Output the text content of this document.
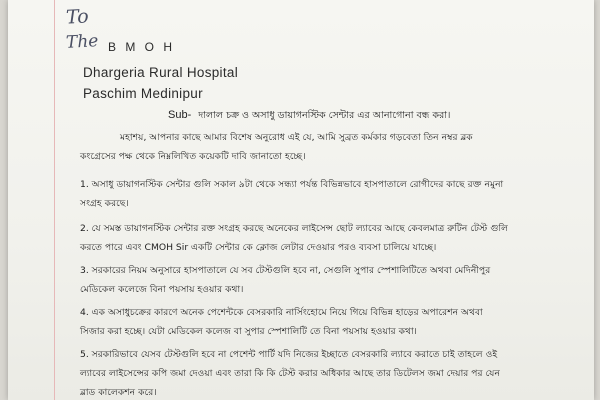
To
The B M O H
Dhargeria Rural Hospital
Paschim Medinipur
Sub- দালাল চক্র ও অসাধু ডায়াগনস্টিক সেন্টার এর আনাগোনা বন্ধ করা।
মহাশয়, আপনার কাছে আমার বিশেষ অনুরোধ এই যে, আমি সুব্রত কর্মকার গড়বেতা তিন নম্বর ব্লক
কংগ্রেসের পক্ষ থেকে নিম্নলিখিত কয়েকটি দাবি জানাতো হচ্ছে।
1. অসাধু ডায়াগনস্টিক সেন্টার গুলি সকাল ৯টা থেকে সন্ধ্যা পর্যন্ত বিভিন্নভাবে হাসপাতালে রোগীদের কাছে রক্ত নমুনা
সংগ্রহ করছে।
2. যে সমস্ত ডায়াগনস্টিক সেন্টার রক্ত সংগ্রহ করছে অনেকের লাইসেন্স ছোট ল্যাবের আছে কেবলমাত্র রুটিন টেস্ট গুলি
করতে পারে এবং CMOH Sir একটি সেন্টার কে ক্লোজ লেটার দেওয়ার পরও ব্যবসা চালিয়ে যাচ্ছে।
3. সরকারের নিয়ম অনুসারে হাসপাতালে যে সব টেস্টগুলি হবে না, সেগুলি সুপার স্পেশালিটিতে অথবা মেদিনীপুর
মেডিকেল কলেজে বিনা পয়সায় হওয়ার কথা।
4. এক অসাধুচক্রের কারণে অনেক পেশেন্টকে বেসরকারি নার্সিংহোমে নিয়ে গিয়ে বিভিন্ন হাড়ের অপারেশন অথবা
সিজার করা হচ্ছে। যেটা মেডিকেল কলেজ বা সুপার স্পেশালিটি তে বিনা পয়সায় হওয়ার কথা।
5. সরকারিভাবে যেসব টেস্টগুলি হবে না পেশেন্ট পার্টি যদি নিজের ইচ্ছাতে বেসরকারি ল্যাবে করাতে চাই তাহলে ওই
ল্যাবের লাইসেন্সের কপি জমা দেওয়া এবং তারা কি কি টেস্ট করার অধিকার আছে তার ডিটেলস জমা দেয়ার পর যেন
ব্লাড কালেকশন করে।
